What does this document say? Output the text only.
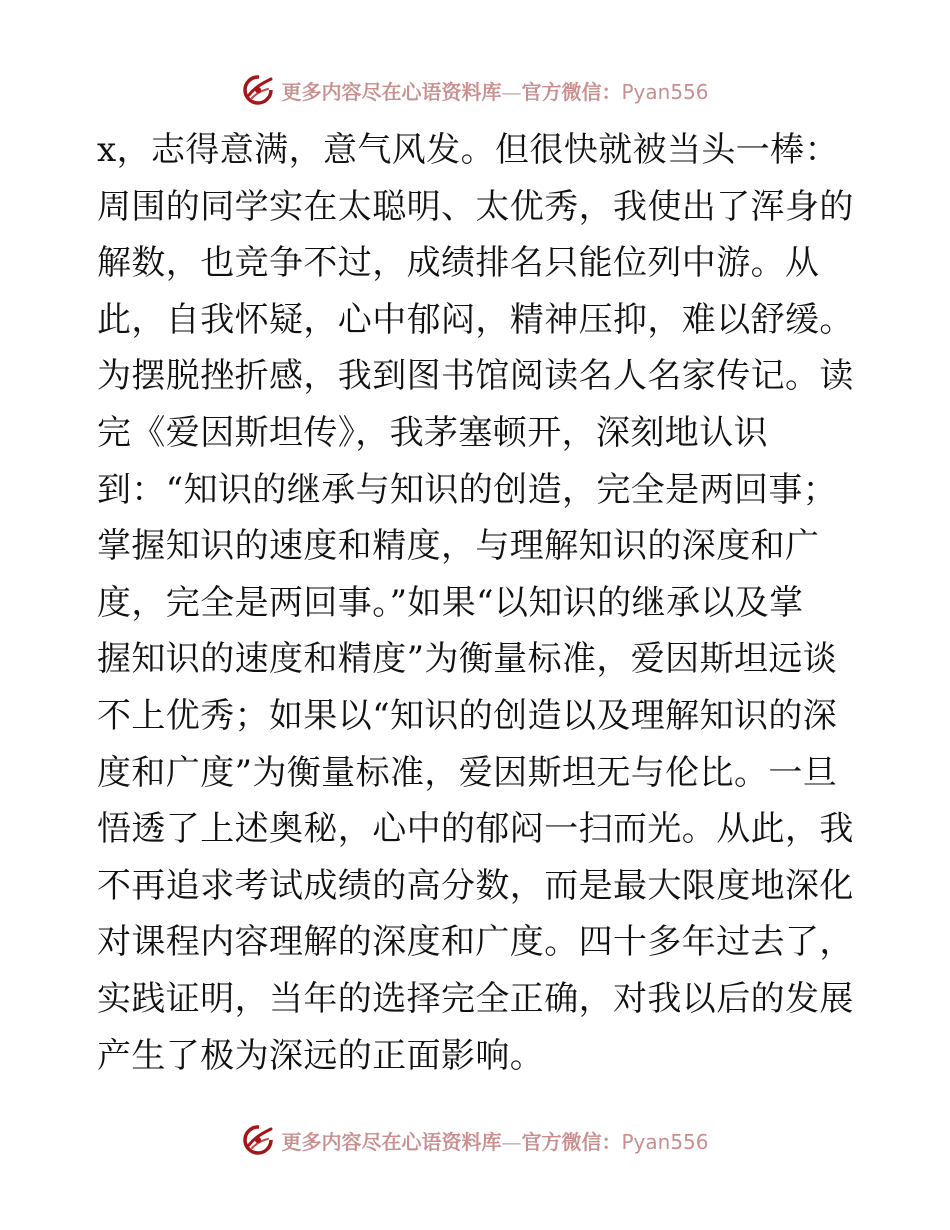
更多内容尽在心语资料库—官方微信：Pyan556
x，志得意满，意气风发。但很快就被当头一棒：
周围的同学实在太聪明、太优秀，我使出了浑身的
解数，也竞争不过，成绩排名只能位列中游。从
此，自我怀疑，心中郁闷，精神压抑，难以舒缓。
为摆脱挫折感，我到图书馆阅读名人名家传记。读
完《爱因斯坦传》，我茅塞顿开，深刻地认识
到：“知识的继承与知识的创造，完全是两回事；
掌握知识的速度和精度，与理解知识的深度和广
度，完全是两回事。”如果“以知识的继承以及掌
握知识的速度和精度”为衡量标准，爱因斯坦远谈
不上优秀；如果以“知识的创造以及理解知识的深
度和广度”为衡量标准，爱因斯坦无与伦比。一旦
悟透了上述奥秘，心中的郁闷一扫而光。从此，我
不再追求考试成绩的高分数，而是最大限度地深化
对课程内容理解的深度和广度。四十多年过去了，
实践证明，当年的选择完全正确，对我以后的发展
产生了极为深远的正面影响。
更多内容尽在心语资料库—官方微信：Pyan556
